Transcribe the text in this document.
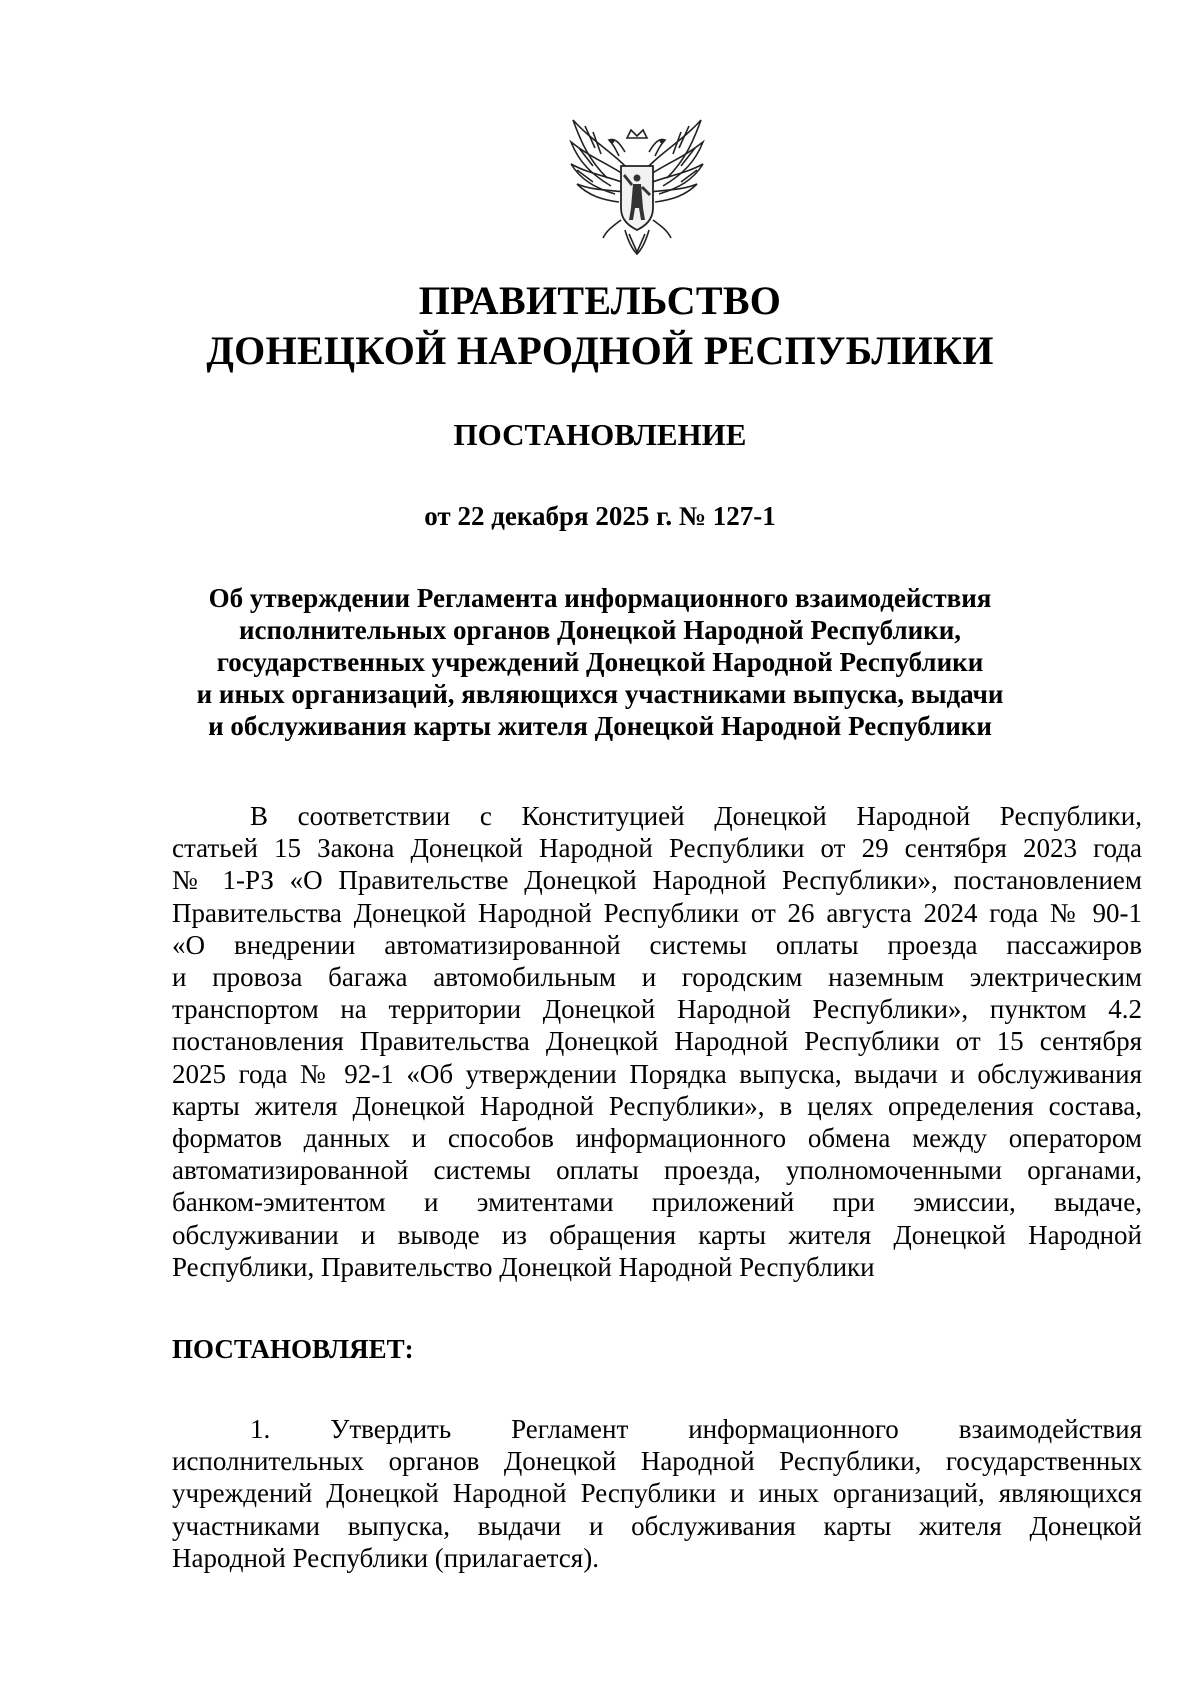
ПРАВИТЕЛЬСТВО
ДОНЕЦКОЙ НАРОДНОЙ РЕСПУБЛИКИ
ПОСТАНОВЛЕНИЕ
от 22 декабря 2025 г. № 127-1
Об утверждении Регламента информационного взаимодействия
исполнительных органов Донецкой Народной Республики,
государственных учреждений Донецкой Народной Республики
и иных организаций, являющихся участниками выпуска, выдачи
и обслуживания карты жителя Донецкой Народной Республики
В соответствии с Конституцией Донецкой Народной Республики,
статьей 15 Закона Донецкой Народной Республики от 29 сентября 2023 года
№ 1-РЗ «О Правительстве Донецкой Народной Республики», постановлением
Правительства Донецкой Народной Республики от 26 августа 2024 года № 90-1
«О внедрении автоматизированной системы оплаты проезда пассажиров
и провоза багажа автомобильным и городским наземным электрическим
транспортом на территории Донецкой Народной Республики», пунктом 4.2
постановления Правительства Донецкой Народной Республики от 15 сентября
2025 года № 92-1 «Об утверждении Порядка выпуска, выдачи и обслуживания
карты жителя Донецкой Народной Республики», в целях определения состава,
форматов данных и способов информационного обмена между оператором
автоматизированной системы оплаты проезда, уполномоченными органами,
банком-эмитентом и эмитентами приложений при эмиссии, выдаче,
обслуживании и выводе из обращения карты жителя Донецкой Народной
Республики, Правительство Донецкой Народной Республики
ПОСТАНОВЛЯЕТ:
1. Утвердить Регламент информационного взаимодействия
исполнительных органов Донецкой Народной Республики, государственных
учреждений Донецкой Народной Республики и иных организаций, являющихся
участниками выпуска, выдачи и обслуживания карты жителя Донецкой
Народной Республики (прилагается).
